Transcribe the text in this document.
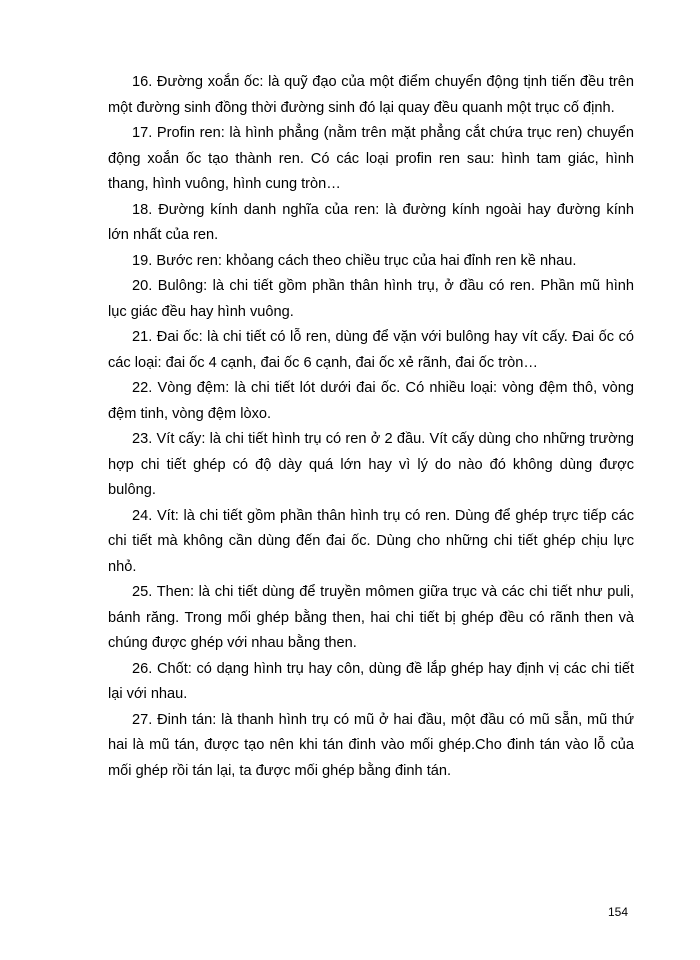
16. Đường xoắn ốc: là quỹ đạo của một điểm chuyển động tịnh tiến đều trên một đường sinh đồng thời đường sinh đó lại quay đều quanh một trục cố định.

17. Profin ren: là hình phẳng (nằm trên mặt phẳng cắt chứa trục ren) chuyển động xoắn ốc tạo thành ren. Có các loại profin ren sau: hình tam giác, hình thang, hình vuông, hình cung tròn…

18. Đường kính danh nghĩa của ren: là đường kính ngoài hay đường kính lớn nhất của ren.

19. Bước ren: khỏang cách theo chiều trục của hai đỉnh ren kề nhau.

20. Bulông: là chi tiết gồm phần thân hình trụ, ở đầu có ren. Phần mũ hình lục giác đều hay hình vuông.

21. Đai ốc: là chi tiết có lỗ ren, dùng để vặn với bulông hay vít cấy. Đai ốc có các loại: đai ốc 4 cạnh, đai ốc 6 cạnh, đai ốc xẻ rãnh, đai ốc tròn…

22. Vòng đệm: là chi tiết lót dưới đai ốc. Có nhiều loại: vòng đệm thô, vòng đệm tinh, vòng đệm lòxo.

23. Vít cấy: là chi tiết hình trụ có ren ở 2 đầu. Vít cấy dùng cho những trường hợp chi tiết ghép có độ dày quá lớn hay vì lý do nào đó không dùng được bulông.

24. Vít: là chi tiết gồm phần thân hình trụ có ren. Dùng để ghép trực tiếp các chi tiết mà không cần dùng đến đai ốc. Dùng cho những chi tiết ghép chịu lực nhỏ.

25. Then: là chi tiết dùng để truyền mômen giữa trục và các chi tiết như puli, bánh răng. Trong mối ghép bằng then, hai chi tiết bị ghép đều có rãnh then và chúng được ghép với nhau bằng then.

26. Chốt: có dạng hình trụ hay côn, dùng đề lắp ghép hay định vị các chi tiết lại với nhau.

27. Đinh tán: là thanh hình trụ có mũ ở hai đầu, một đầu có mũ sẵn, mũ thứ hai là mũ tán, được tạo nên khi tán đinh vào mối ghép.Cho đinh tán vào lỗ của mối ghép rồi tán lại, ta được mối ghép bằng đinh tán.

154
